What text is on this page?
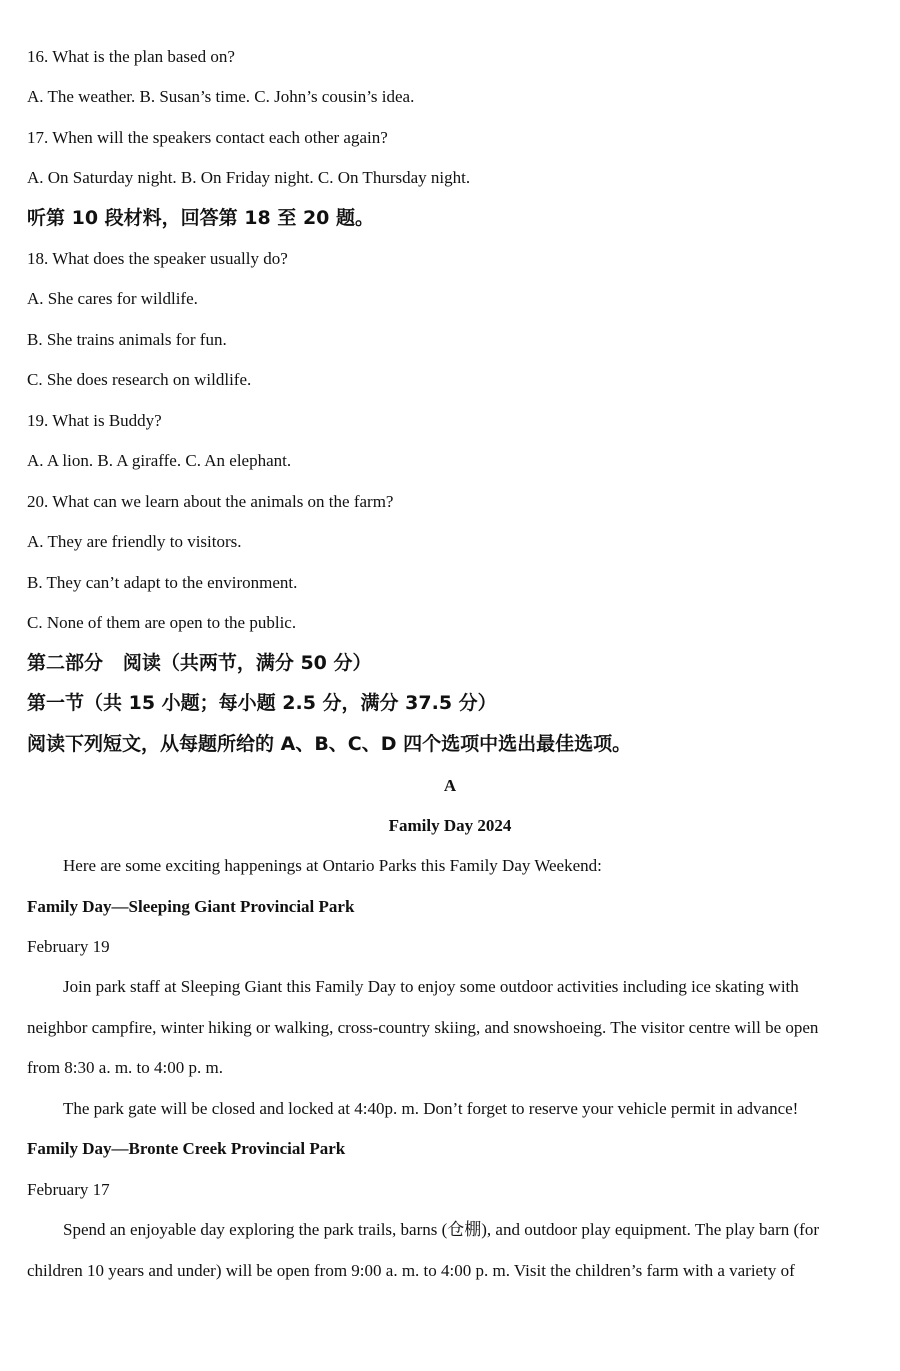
16. What is the plan based on?
A. The weather. B. Susan’s time. C. John’s cousin’s idea.
17. When will the speakers contact each other again?
A. On Saturday night. B. On Friday night. C. On Thursday night.
听第 10 段材料，回答第 18 至 20 题。
18. What does the speaker usually do?
A. She cares for wildlife.
B. She trains animals for fun.
C. She does research on wildlife.
19. What is Buddy?
A. A lion. B. A giraffe. C. An elephant.
20. What can we learn about the animals on the farm?
A. They are friendly to visitors.
B. They can’t adapt to the environment.
C. None of them are open to the public.
第二部分   阅读（共两节，满分 50 分）
第一节（共 15 小题；每小题 2.5 分，满分 37.5 分）
阅读下列短文，从每题所给的 A、B、C、D 四个选项中选出最佳选项。
A
Family Day 2024
Here are some exciting happenings at Ontario Parks this Family Day Weekend:
Family Day—Sleeping Giant Provincial Park
February 19
Join park staff at Sleeping Giant this Family Day to enjoy some outdoor activities including ice skating with
neighbor campfire, winter hiking or walking, cross-country skiing, and snowshoeing. The visitor centre will be open
from 8:30 a. m. to 4:00 p. m.
The park gate will be closed and locked at 4:40p. m. Don’t forget to reserve your vehicle permit in advance!
Family Day—Bronte Creek Provincial Park
February 17
Spend an enjoyable day exploring the park trails, barns (仓棚), and outdoor play equipment. The play barn (for
children 10 years and under) will be open from 9:00 a. m. to 4:00 p. m. Visit the children’s farm with a variety of
